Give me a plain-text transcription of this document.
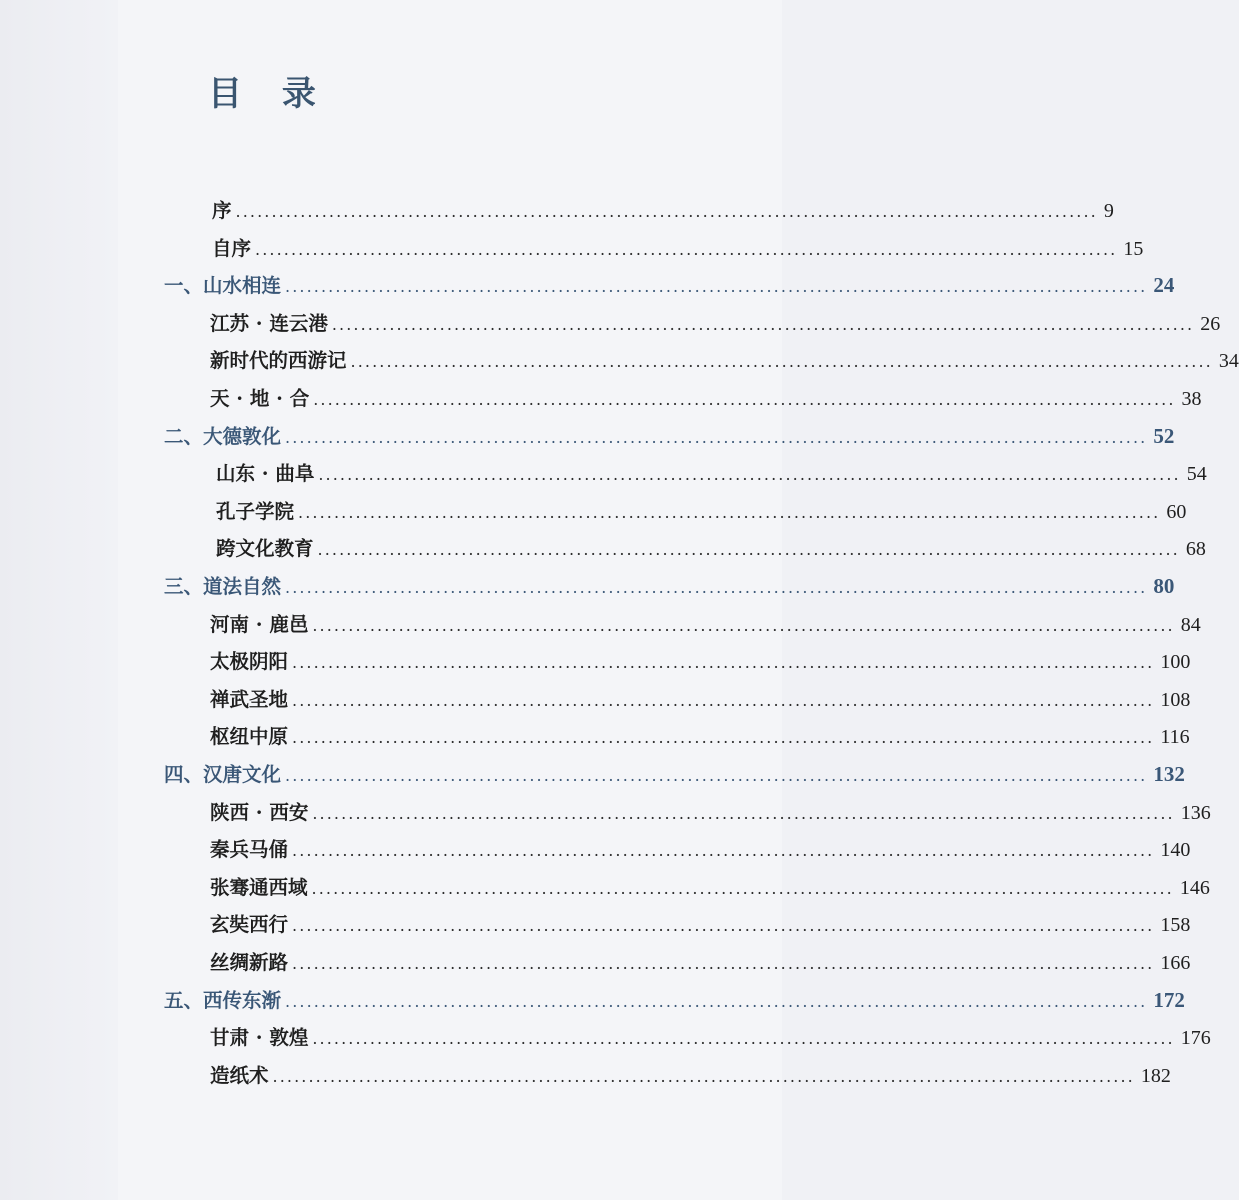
目 录
序 ........................................................................................................................ 9
自序 ........................................................................................................................ 15
一、山水相连 ........................................................................................................................ 24
江苏 · 连云港 ........................................................................................................................ 26
新时代的西游记 ........................................................................................................................ 34
天 · 地 · 合 ........................................................................................................................ 38
二、大德敦化 ........................................................................................................................ 52
山东 · 曲阜 ........................................................................................................................ 54
孔子学院 ........................................................................................................................ 60
跨文化教育 ........................................................................................................................ 68
三、道法自然 ........................................................................................................................ 80
河南 · 鹿邑 ........................................................................................................................ 84
太极阴阳 ........................................................................................................................ 100
禅武圣地 ........................................................................................................................ 108
枢纽中原 ........................................................................................................................ 116
四、汉唐文化 ........................................................................................................................ 132
陕西 · 西安 ........................................................................................................................ 136
秦兵马俑 ........................................................................................................................ 140
张骞通西域 ........................................................................................................................ 146
玄奘西行 ........................................................................................................................ 158
丝绸新路 ........................................................................................................................ 166
五、西传东渐 ........................................................................................................................ 172
甘肃 · 敦煌 ........................................................................................................................ 176
造纸术 ........................................................................................................................ 182
